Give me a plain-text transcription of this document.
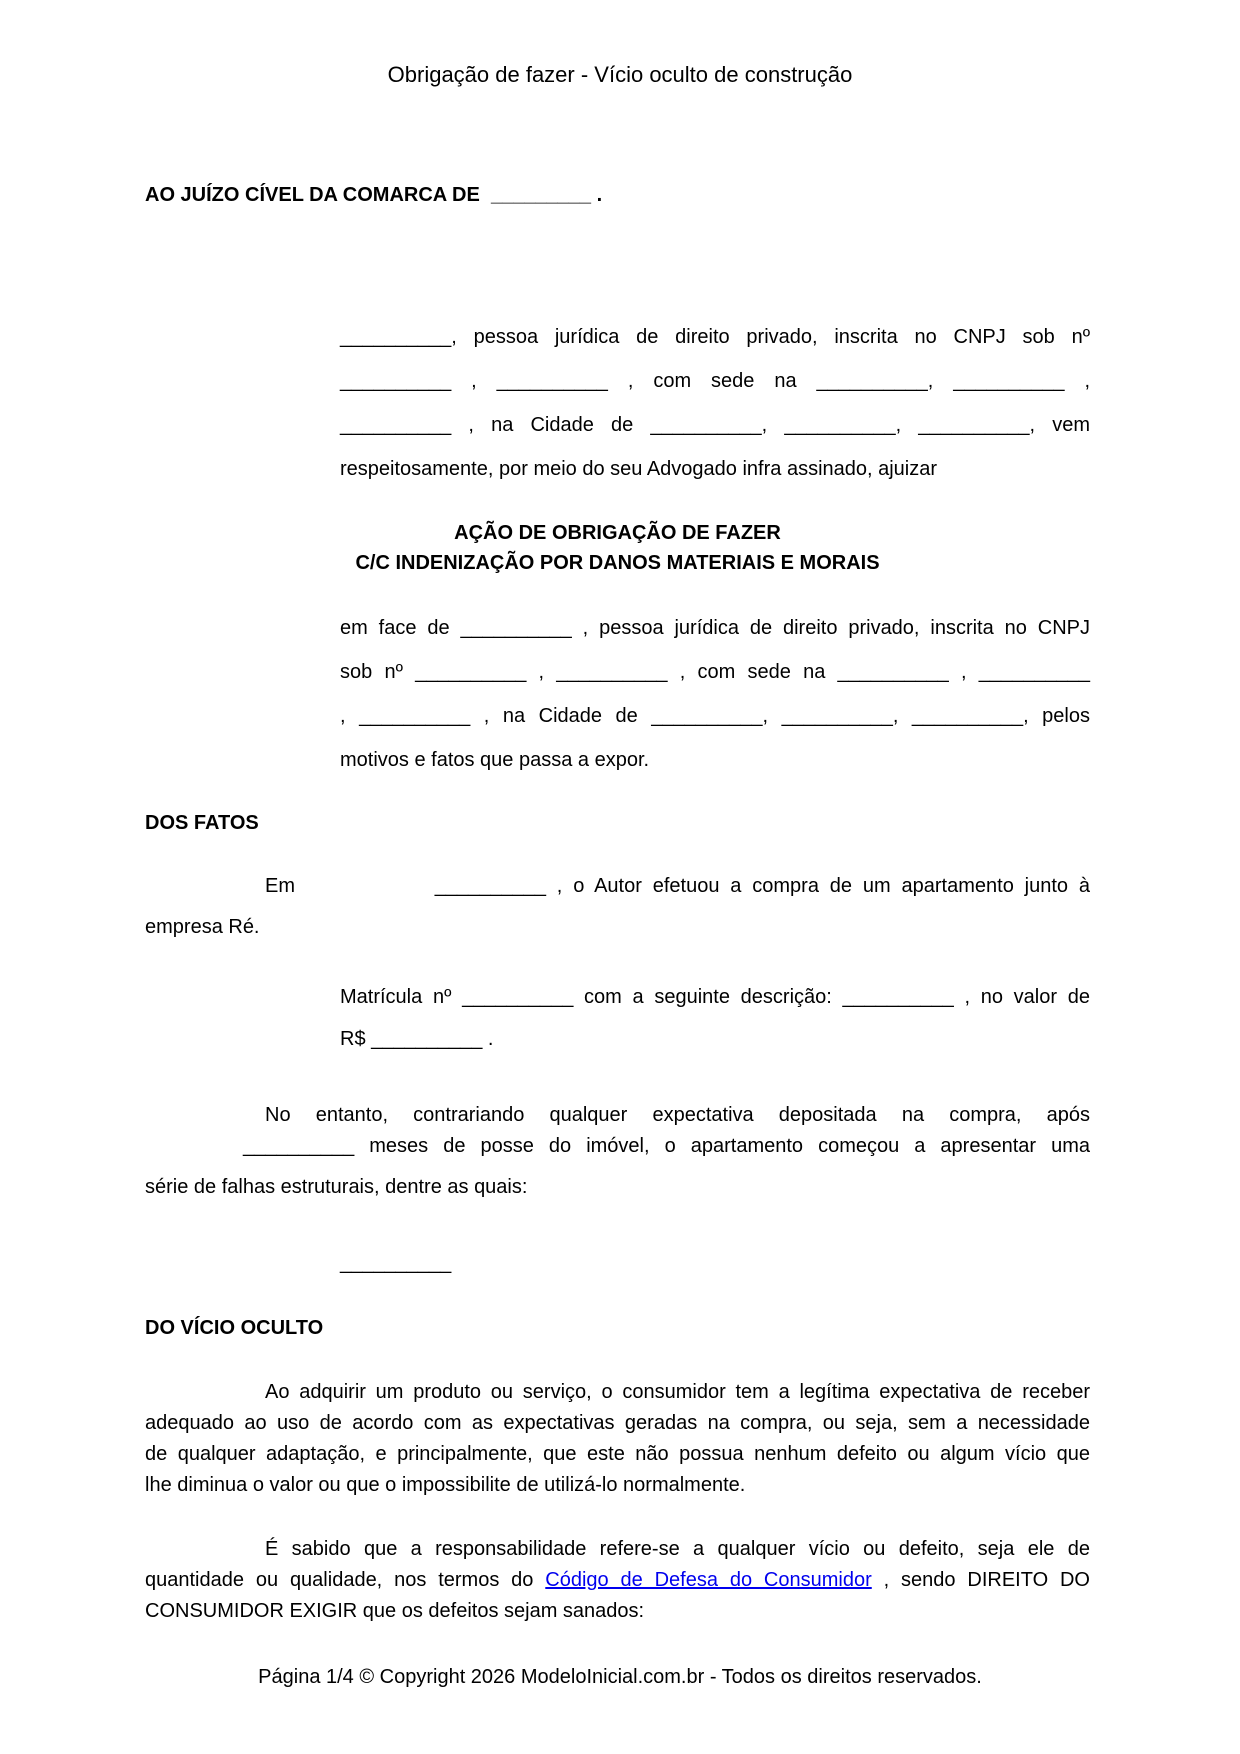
Obrigação de fazer - Vício oculto de construção
AO JUÍZO CÍVEL DA COMARCA DE  _________ .
__________, pessoa jurídica de direito privado, inscrita no CNPJ sob nº
__________ , __________ , com sede na __________, __________ ,
__________ , na Cidade de __________, __________, __________, vem
respeitosamente, por meio do seu Advogado infra assinado, ajuizar
AÇÃO DE OBRIGAÇÃO DE FAZER
C/C INDENIZAÇÃO POR DANOS MATERIAIS E MORAIS
em face de __________ , pessoa jurídica de direito privado, inscrita no CNPJ
sob nº __________ , __________ , com sede na __________ , __________
, __________ , na Cidade de __________, __________, __________, pelos
motivos e fatos que passa a expor.
DOS FATOS
Em	__________ , o Autor efetuou a compra de um apartamento junto à
empresa Ré.
Matrícula nº __________ com a seguinte descrição: __________ , no valor de
R$ __________ .
No entanto, contrariando qualquer expectativa depositada na compra, após
__________ meses de posse do imóvel, o apartamento começou a apresentar uma
série de falhas estruturais, dentre as quais:
__________
DO VÍCIO OCULTO
Ao adquirir um produto ou serviço, o consumidor tem a legítima expectativa de receber
adequado ao uso de acordo com as expectativas geradas na compra, ou seja, sem a necessidade
de qualquer adaptação, e principalmente, que este não possua nenhum defeito ou algum vício que
lhe diminua o valor ou que o impossibilite de utilizá-lo normalmente.
É sabido que a responsabilidade refere-se a qualquer vício ou defeito, seja ele de
quantidade ou qualidade, nos termos do Código de Defesa do Consumidor , sendo DIREITO DO
CONSUMIDOR EXIGIR que os defeitos sejam sanados:
Página 1/4 © Copyright 2026 ModeloInicial.com.br - Todos os direitos reservados.
